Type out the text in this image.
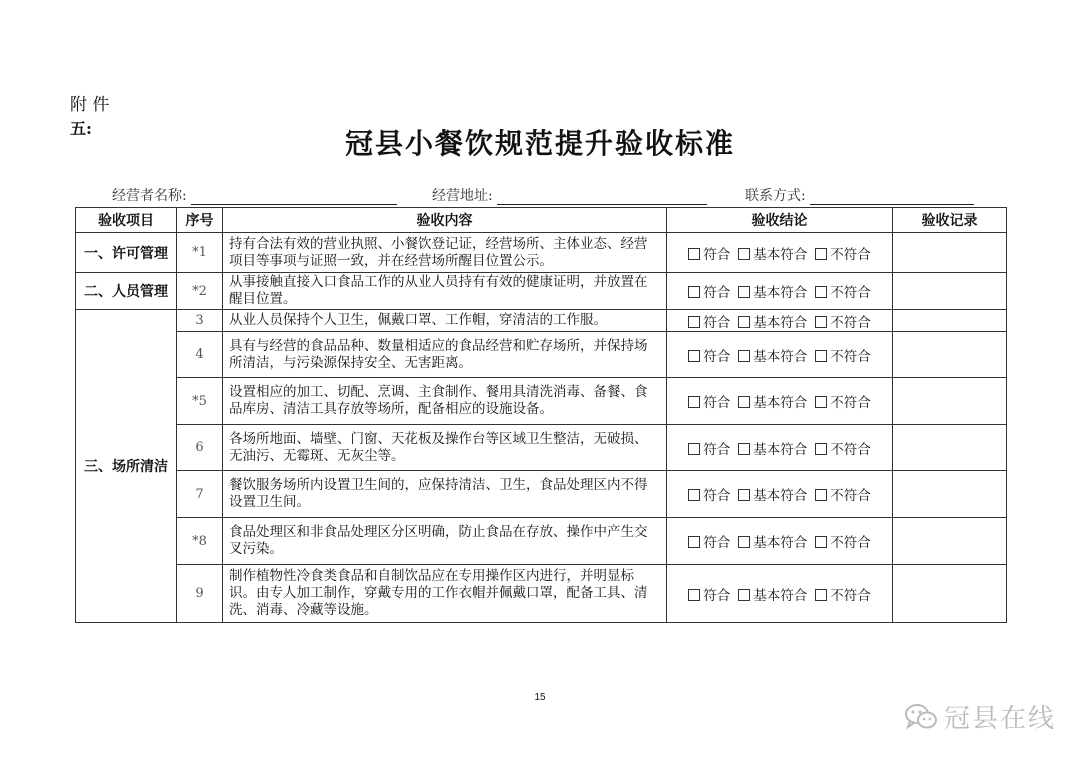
附 件
五:	冠县小餐饮规范提升验收标准
经营者名称:	经营地址:	联系方式:
验收项目	序号	验收内容	验收结论	验收记录
一、许可管理	*1	持有合法有效的营业执照、小餐饮登记证，经营场所、主体业态、经营项目等事项与证照一致，并在经营场所醒目位置公示。	符合 基本符合 不符合	
二、人员管理	*2	从事接触直接入口食品工作的从业人员持有有效的健康证明，并放置在醒目位置。	符合 基本符合 不符合	
三、场所清洁	3	从业人员保持个人卫生，佩戴口罩、工作帽，穿清洁的工作服。	符合 基本符合 不符合	
	4	具有与经营的食品品种、数量相适应的食品经营和贮存场所，并保持场所清洁，与污染源保持安全、无害距离。	符合 基本符合 不符合	
	*5	设置相应的加工、切配、烹调、主食制作、餐用具清洗消毒、备餐、食品库房、清洁工具存放等场所，配备相应的设施设备。	符合 基本符合 不符合	
	6	各场所地面、墙壁、门窗、天花板及操作台等区域卫生整洁，无破损、无油污、无霉斑、无灰尘等。	符合 基本符合 不符合	
	7	餐饮服务场所内设置卫生间的，应保持清洁、卫生，食品处理区内不得设置卫生间。	符合 基本符合 不符合	
	*8	食品处理区和非食品处理区分区明确，防止食品在存放、操作中产生交叉污染。	符合 基本符合 不符合	
	9	制作植物性冷食类食品和自制饮品应在专用操作区内进行，并明显标识。由专人加工制作，穿戴专用的工作衣帽并佩戴口罩，配备工具、清洗、消毒、冷藏等设施。	符合 基本符合 不符合	
15
冠县在线
